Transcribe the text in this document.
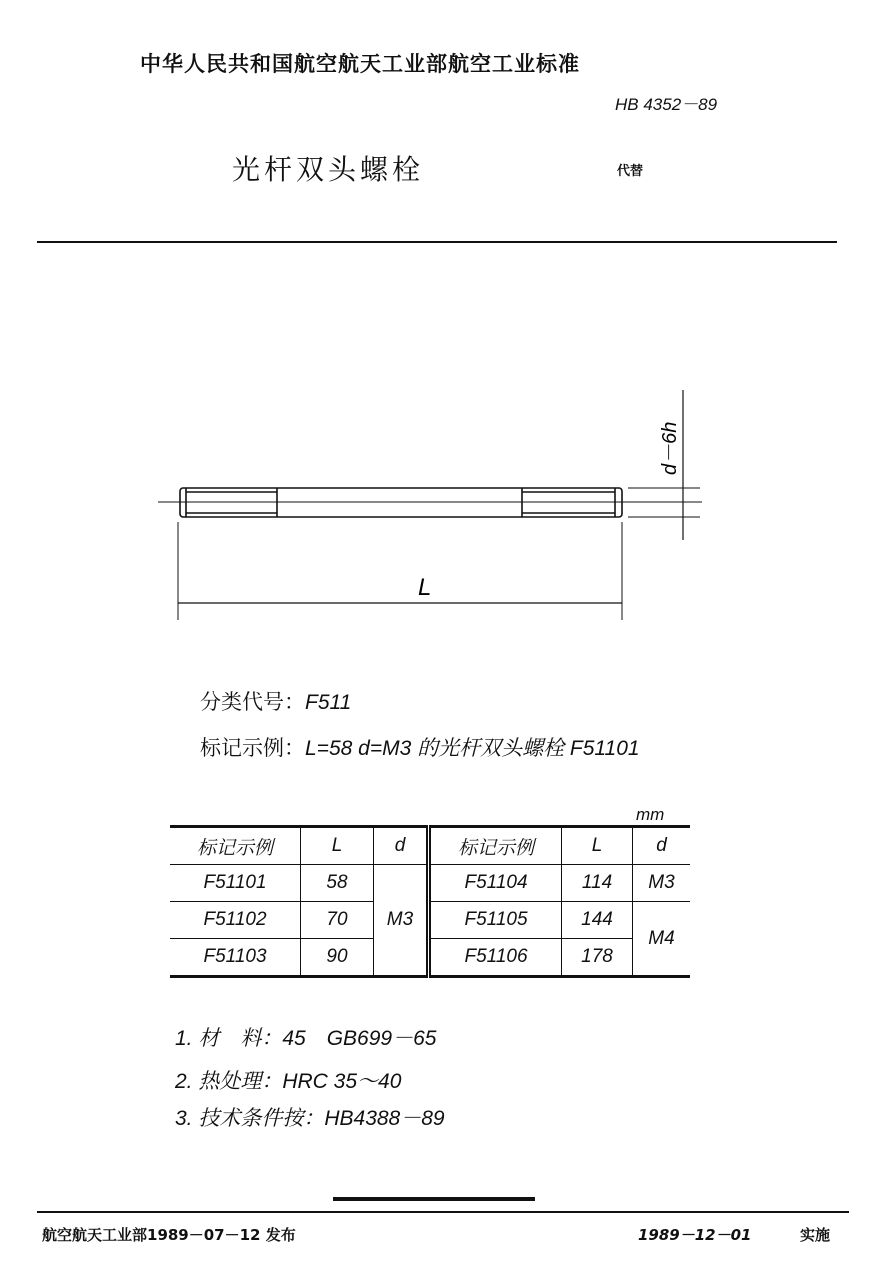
中华人民共和国航空航天工业部航空工业标准
HB 4352－89
光杆双头螺栓	代替
L
d－6h
分类代号：F511
标记示例：L=58 d=M3 的光杆双头螺栓 F51101
mm
标记示例	L	d	标记示例	L	d
F51101	58	M3	F51104	114	M3
F51102	70		F51105	144	M4
F51103	90		F51106	178	
1. 材　料：45　GB699－65
2. 热处理：HRC 35～40
3. 技术条件按：HB4388－89
航空航天工业部1989－07－12 发布	1989－12－01	实施
